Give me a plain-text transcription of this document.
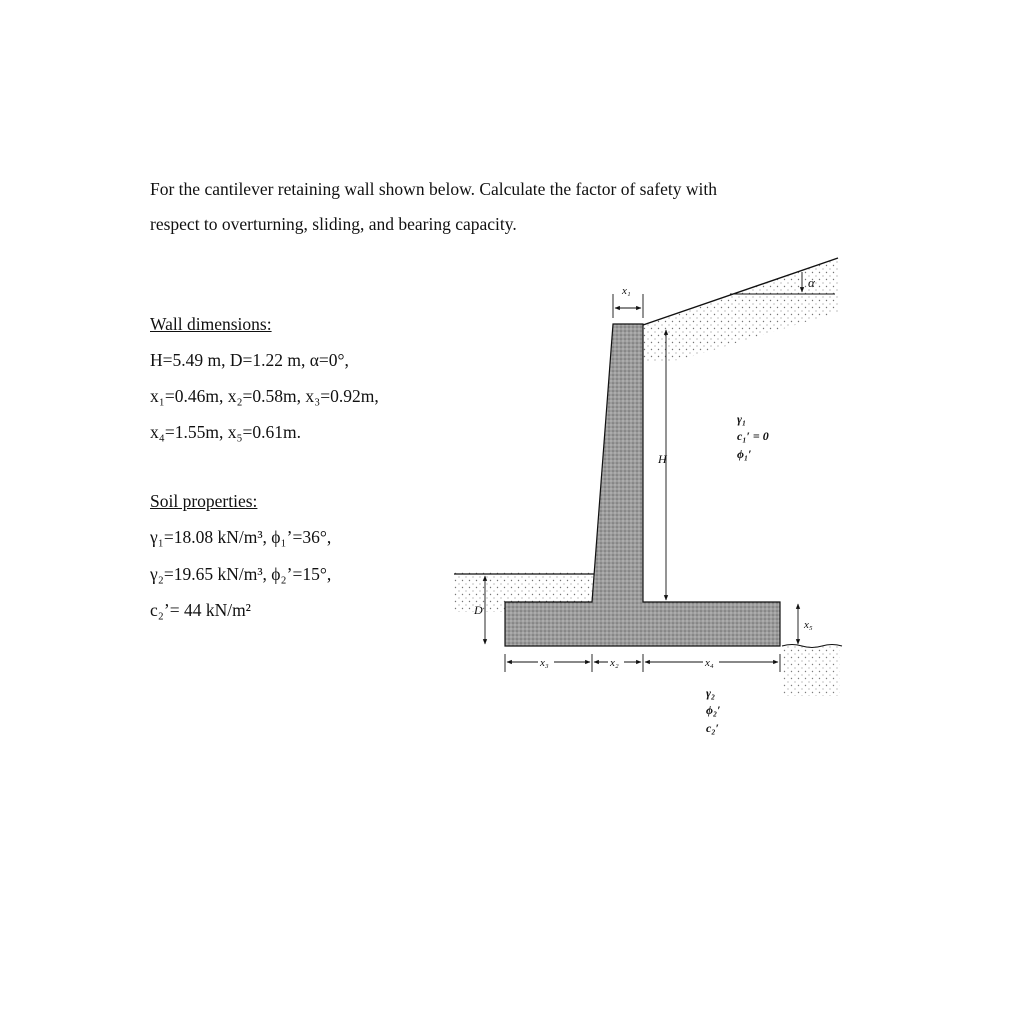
For the cantilever retaining wall shown below. Calculate the factor of safety with

respect to overturning, sliding, and bearing capacity.

Wall dimensions:
H=5.49 m, D=1.22 m, α=0°,
x₁=0.46m, x₂=0.58m, x₃=0.92m,
x₄=1.55m, x₅=0.61m.
Soil properties:
γ₁=18.08 kN/m³, ϕ₁’=36°,
γ₂=19.65 kN/m³, ϕ₂’=15°,
c₂’= 44 kN/m²
α
x₁
H
D
x₅
x₃	x₂	x₄
γ₁
c₁′ = 0
ϕ₁′
γ₂
ϕ₂′
c₂′
